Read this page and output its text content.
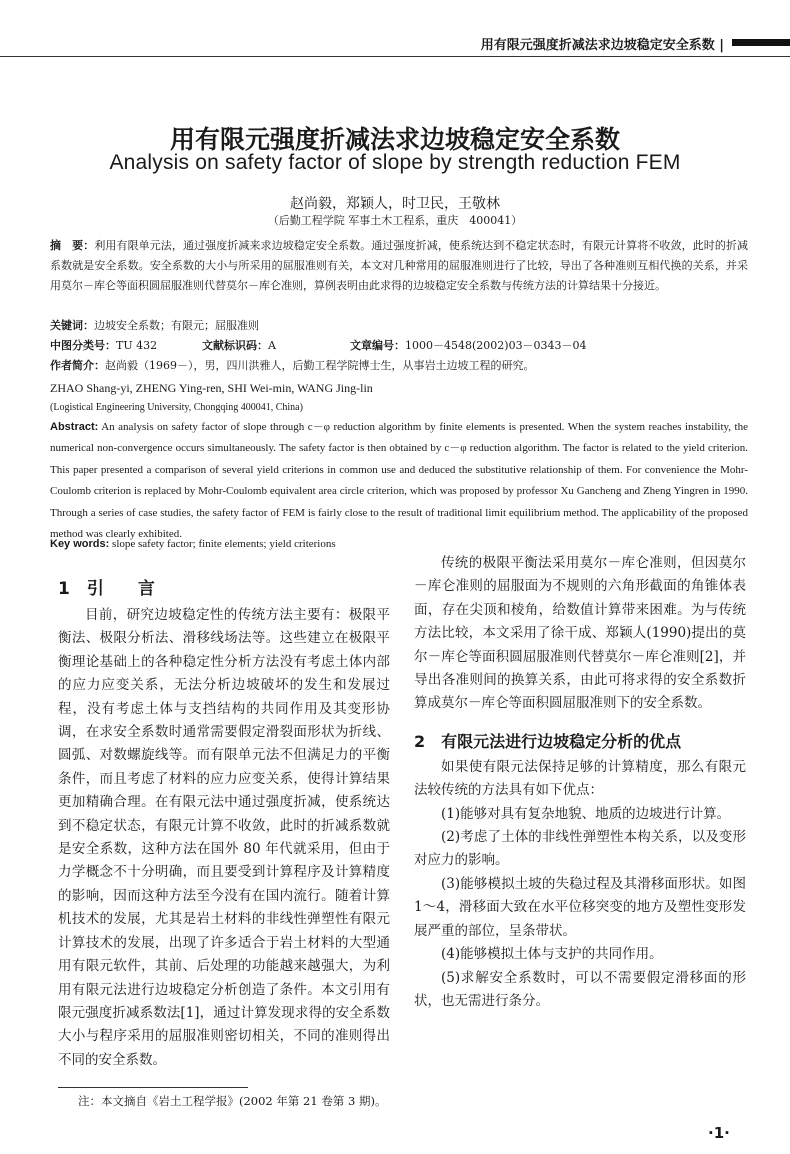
用有限元强度折减法求边坡稳定安全系数 |
用有限元强度折减法求边坡稳定安全系数
Analysis on safety factor of slope by strength reduction FEM
赵尚毅，郑颖人，时卫民，王敬林
（后勤工程学院 军事土木工程系，重庆　400041）
摘　要：利用有限单元法，通过强度折减来求边坡稳定安全系数。通过强度折减，使系统达到不稳定状态时，有限元计算将不收敛，此时的折减系数就是安全系数。安全系数的大小与所采用的屈服准则有关，本文对几种常用的屈服准则进行了比较，导出了各种准则互相代换的关系，并采用莫尔－库仑等面积圆屈服准则代替莫尔－库仑准则，算例表明由此求得的边坡稳定安全系数与传统方法的计算结果十分接近。
关键词：边坡安全系数；有限元；屈服准则
中图分类号：TU 432	文献标识码：A	文章编号：1000－4548(2002)03－0343－04
作者简介：赵尚毅（1969－），男，四川洪雅人，后勤工程学院博士生，从事岩土边坡工程的研究。
ZHAO Shang-yi, ZHENG Ying-ren, SHI Wei-min, WANG Jing-lin
(Logistical Engineering University, Chongqing 400041, China)
Abstract: An analysis on safety factor of slope through c－φ reduction algorithm by finite elements is presented. When the system reaches instability, the numerical non-convergence occurs simultaneously. The safety factor is then obtained by c－φ reduction algorithm. The factor is related to the yield criterion. This paper presented a comparison of several yield criterions in common use and deduced the substitutive relationship of them. For convenience the Mohr-Coulomb criterion is replaced by Mohr-Coulomb equivalent area circle criterion, which was proposed by professor Xu Gancheng and Zheng Yingren in 1990. Through a series of case studies, the safety factor of FEM is fairly close to the result of traditional limit equilibrium method. The applicability of the proposed method was clearly exhibited.
Key words: slope safety factor; finite elements; yield criterions
1　引　　言

目前，研究边坡稳定性的传统方法主要有：极限平衡法、极限分析法、滑移线场法等。这些建立在极限平衡理论基础上的各种稳定性分析方法没有考虑土体内部的应力应变关系，无法分析边坡破坏的发生和发展过程，没有考虑土体与支挡结构的共同作用及其变形协调，在求安全系数时通常需要假定滑裂面形状为折线、圆弧、对数螺旋线等。而有限单元法不但满足力的平衡条件，而且考虑了材料的应力应变关系，使得计算结果更加精确合理。在有限元法中通过强度折减，使系统达到不稳定状态，有限元计算不收敛，此时的折减系数就是安全系数，这种方法在国外 80 年代就采用，但由于力学概念不十分明确，而且要受到计算程序及计算精度的影响，因而这种方法至今没有在国内流行。随着计算机技术的发展，尤其是岩土材料的非线性弹塑性有限元计算技术的发展，出现了许多适合于岩土材料的大型通用有限元软件，其前、后处理的功能越来越强大，为利用有限元法进行边坡稳定分析创造了条件。本文引用有限元强度折减系数法[1]，通过计算发现求得的安全系数大小与程序采用的屈服准则密切相关，不同的准则得出不同的安全系数。

传统的极限平衡法采用莫尔－库仑准则，但因莫尔－库仑准则的屈服面为不规则的六角形截面的角锥体表面，存在尖顶和棱角，给数值计算带来困难。为与传统方法比较，本文采用了徐干成、郑颖人(1990)提出的莫尔－库仑等面积圆屈服准则代替莫尔－库仑准则[2]，并导出各准则间的换算关系，由此可将求得的安全系数折算成莫尔－库仑等面积圆屈服准则下的安全系数。

2　有限元法进行边坡稳定分析的优点

如果使有限元法保持足够的计算精度，那么有限元法较传统的方法具有如下优点：

(1)能够对具有复杂地貌、地质的边坡进行计算。

(2)考虑了土体的非线性弹塑性本构关系，以及变形对应力的影响。

(3)能够模拟土坡的失稳过程及其滑移面形状。如图 1～4，滑移面大致在水平位移突变的地方及塑性变形发展严重的部位，呈条带状。

(4)能够模拟土体与支护的共同作用。

(5)求解安全系数时，可以不需要假定滑移面的形状，也无需进行条分。

注：本文摘自《岩土工程学报》(2002 年第 21 卷第 3 期)。
·1·
